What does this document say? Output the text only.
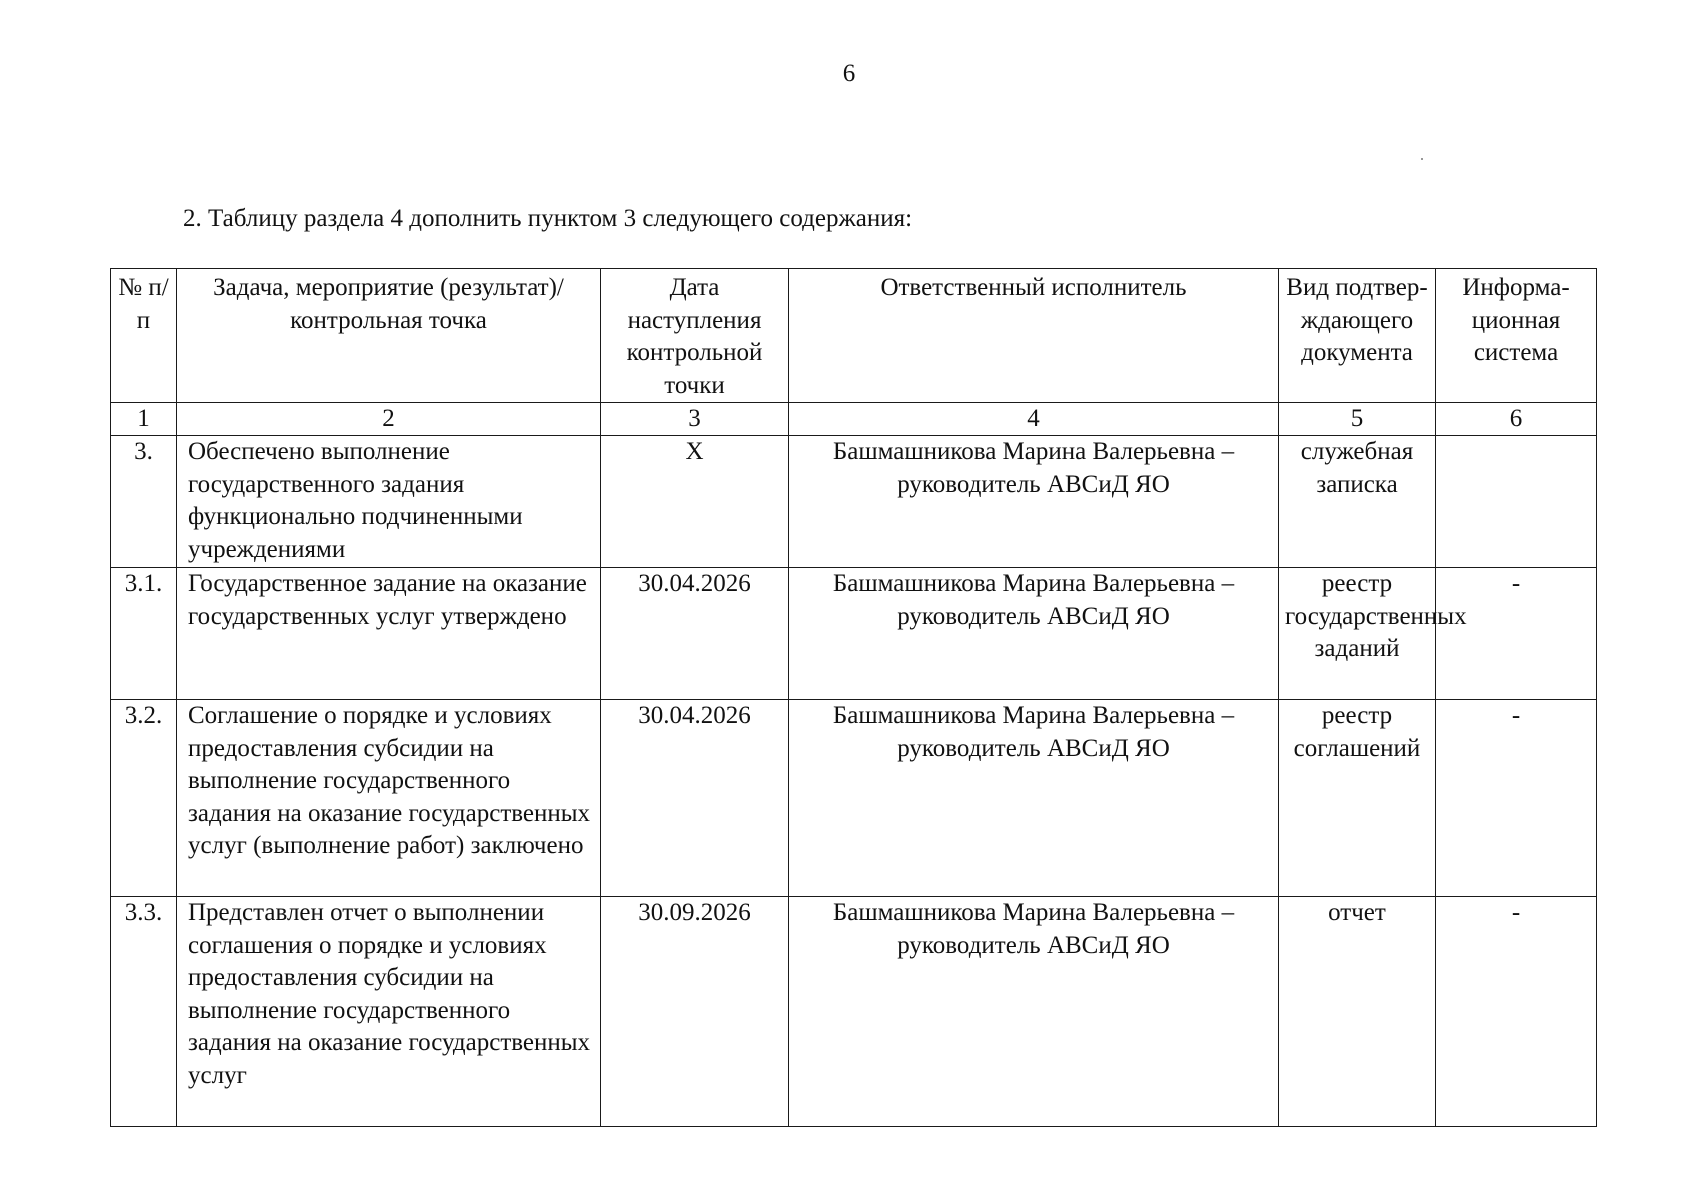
6
2. Таблицу раздела 4 дополнить пунктом 3 следующего содержания:
№ п/п	Задача, мероприятие (результат)/ контрольная точка	Дата наступления контрольной точки	Ответственный исполнитель	Вид подтвер-ждающего документа	Информа-ционная система
1	2	3	4	5	6
3.	Обеспечено выполнение государственного задания функционально подчиненными учреждениями	X	Башмашникова Марина Валерьевна – руководитель АВСиД ЯО	служебная записка	
3.1.	Государственное задание на оказание государственных услуг утверждено	30.04.2026	Башмашникова Марина Валерьевна – руководитель АВСиД ЯО	реестр государственных заданий	-
3.2.	Соглашение о порядке и условиях предоставления субсидии на выполнение государственного задания на оказание государственных услуг (выполнение работ) заключено	30.04.2026	Башмашникова Марина Валерьевна – руководитель АВСиД ЯО	реестр соглашений	-
3.3.	Представлен отчет о выполнении соглашения о порядке и условиях предоставления субсидии на выполнение государственного задания на оказание государственных услуг	30.09.2026	Башмашникова Марина Валерьевна – руководитель АВСиД ЯО	отчет	-
